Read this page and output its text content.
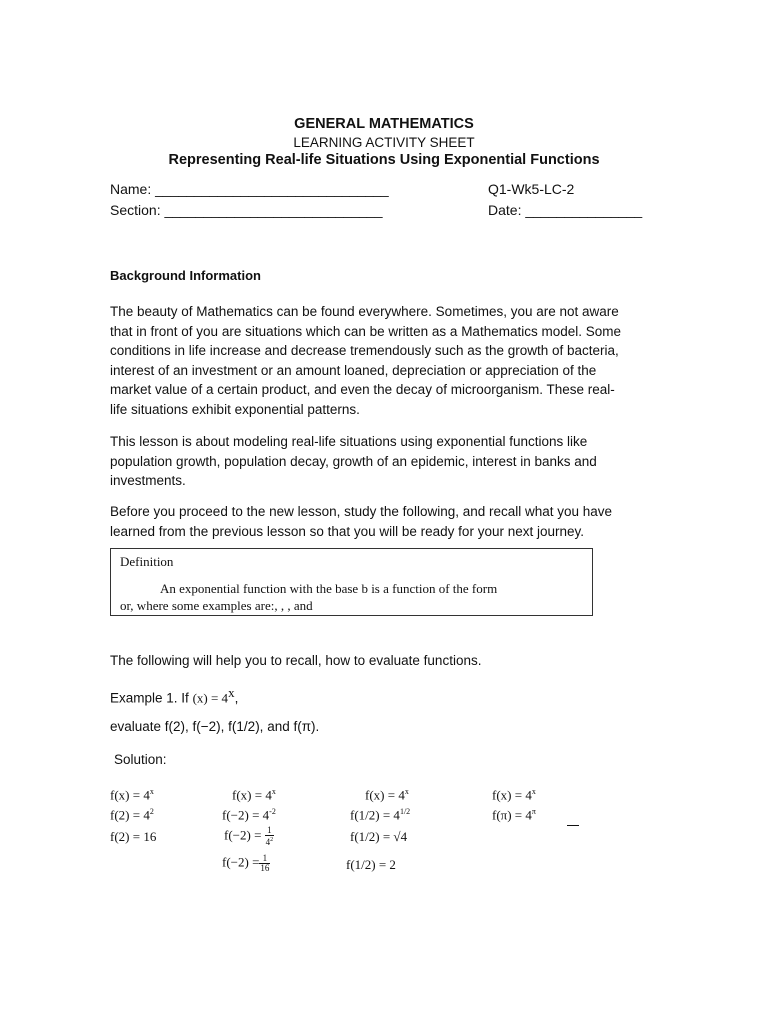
GENERAL MATHEMATICS
LEARNING ACTIVITY SHEET
Representing Real-life Situations Using Exponential Functions
Name: ______________________________
Section: ____________________________
Q1-Wk5-LC-2
Date: _______________
Background Information
The beauty of Mathematics can be found everywhere. Sometimes, you are not aware
that in front of you are situations which can be written as a Mathematics model. Some
conditions in life increase and decrease tremendously such as the growth of bacteria,
interest of an investment or an amount loaned, depreciation or appreciation of the
market value of a certain product, and even the decay of microorganism. These real-
life situations exhibit exponential patterns.
This lesson is about modeling real-life situations using exponential functions like
population growth, population decay, growth of an epidemic, interest in banks and
investments.
Before you proceed to the new lesson, study the following, and recall what you have
learned from the previous lesson so that you will be ready for your next journey.
Definition
An exponential function with the base b is a function of the form
or, where some examples are:, , , and
The following will help you to recall, how to evaluate functions.
Example 1. If $(x) = 4^x$,
evaluate f(2), f(−2), f(1/2), and f(π).
Solution:
$f(x) = 4^x$
$f(2) = 4^2$
f(2) = 16
$f(x) = 4^x$
$f(-2) = 4^{-2}$
$f(-2) = \frac{1}{4^2}$
$f(-2) = \frac{1}{16}$
$f(x) = 4^x$
$f(1/2) = 4^{1/2}$
f(1/2) = √4
f(1/2) = 2
$f(x) = 4^x$
$f(\pi) = 4^\pi$
